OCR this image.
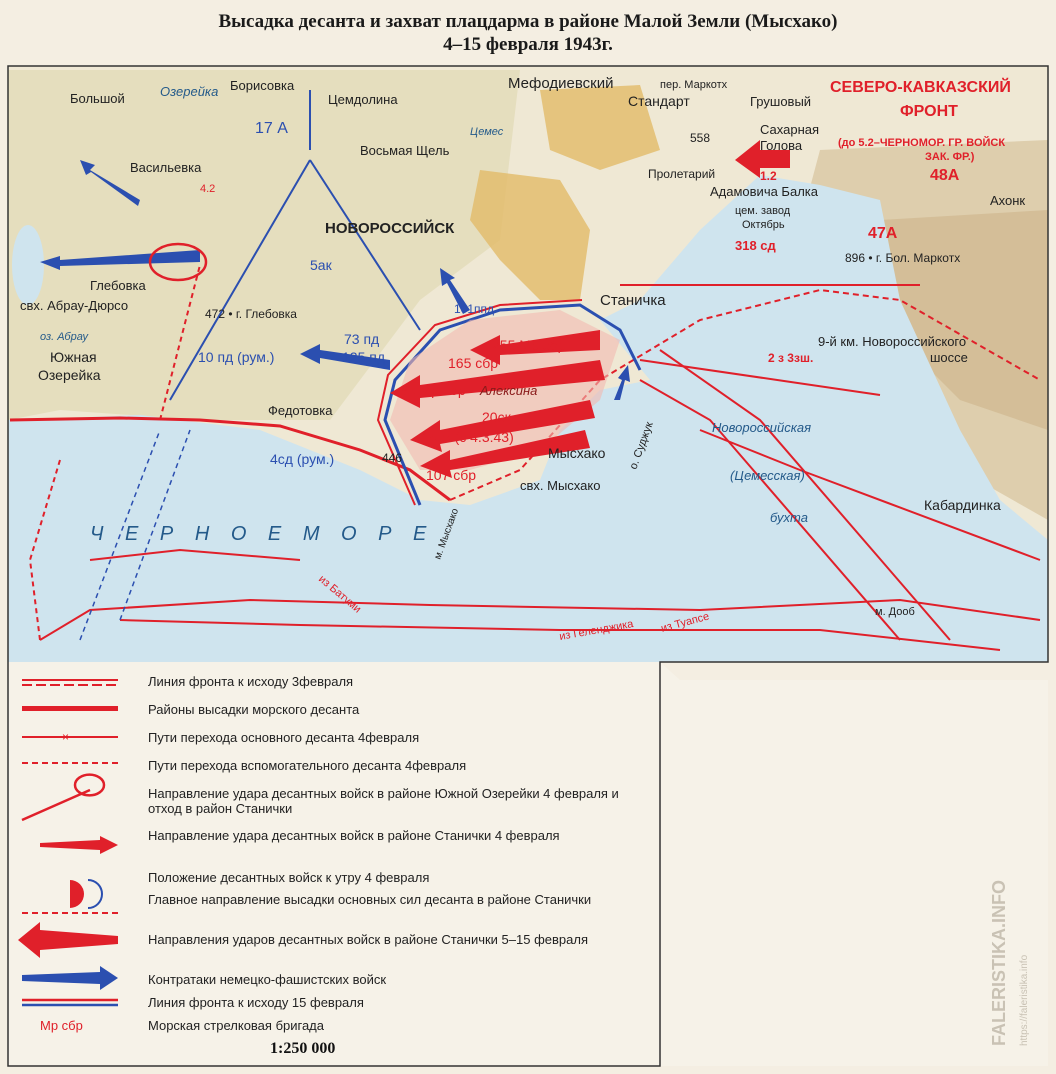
Высадка десанта и захват плацдарма в районе Малой Земли (Мысхако)
4–15 февраля 1943г.
НОВОРОССИЙСК
Станичка
Мысхако
свх. Мысхако
Алексина
Федотовка
Южная
Озерейка
Глебовка
свх. Абрау-Дюрсо
Васильевка
Большой	Озерейка Борисовка
Цемдолина
Восьмая Щель
Мефодиевский
Стандарт
пер. Маркотх
Грушовый
Сахарная
Голова
Пролетарий
Адамовича Балка
цем. завод
Октябрь
Ахонк
Кабардинка
896 • г. Бол. Маркотх
9-й км. Новороссийского
шоссе
Новороссийская
(Цемесская)
бухта
Ч Е Р Н О Е М О Р Е
м. Дооб
м. Мысхако
472 • г. Глебовка
Цемес
о. Суджук
оз. Абрау
СЕВЕРО-КАВКАЗСКИЙ
ФРОНТ
(до 5.2–ЧЕРНОМОР. ГР. ВОЙСК
ЗАК. ФР.)
48А
47А
318 сд
1.2
2 з 3зш.
17 А
5ак
73 пд
125 пд
101ппд
10 пд (рум.)
4сд (рум.)
255 Мр сбр
165 сбр
83 Мр сбр
20ск
16ск (с 4.3.43)
107 сбр
4.2
558
446
из Батуми
из Геленджика из Туапсе
×
Мр сбр
Линия фронта к исходу 3февраля
Районы высадки морского десанта
Пути перехода основного десанта 4февраля
Пути перехода вспомогательного десанта 4февраля
Направление удара десантных войск в районе Южной Озерейки 4 февраля и отход в район Станички
Направление удара десантных войск в районе Станички 4 февраля
Положение десантных войск к утру 4 февраля
Главное направление высадки основных сил десанта в районе Станички
Направления ударов десантных войск в районе Станички 5–15 февраля
Контратаки немецко-фашистских войск
Линия фронта к исходу 15 февраля
Морская стрелковая бригада
1:250 000
FALERISTIKA.INFO https://faleristika.info
